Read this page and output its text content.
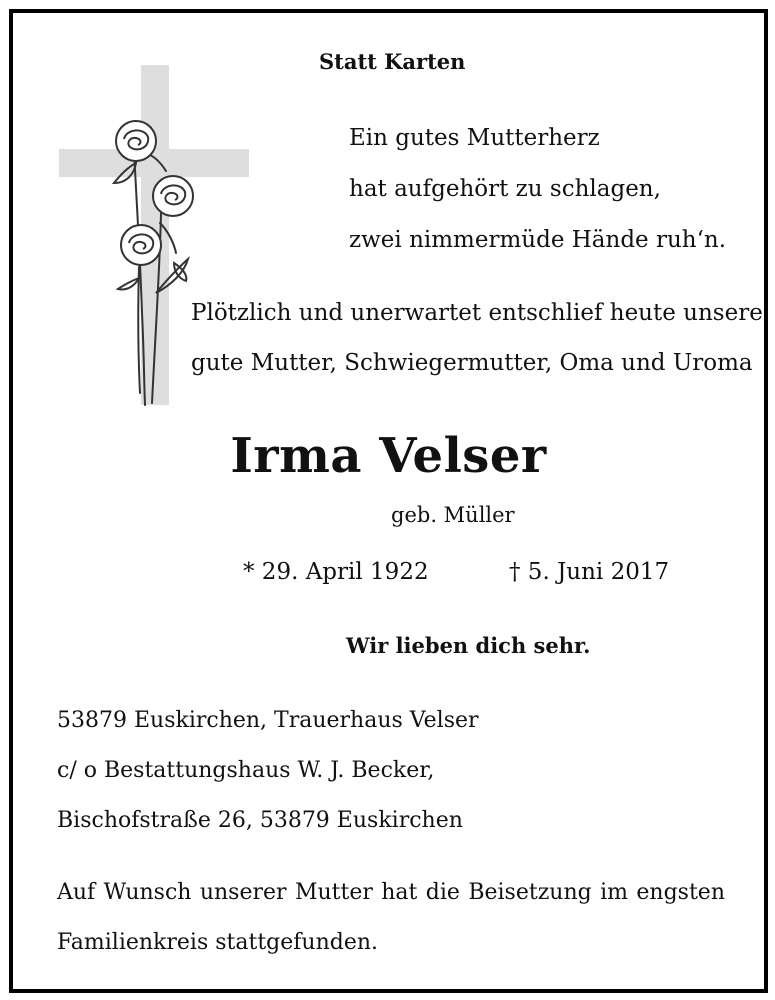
Statt Karten
Ein gutes Mutterherz
hat aufgehört zu schlagen,
zwei nimmermüde Hände ruh‘n.
Plötzlich und unerwartet entschlief heute unsere
gute Mutter, Schwiegermutter, Oma und Uroma
Irma Velser
geb. Müller
* 29. April 1922	† 5. Juni 2017
Wir lieben dich sehr.
53879 Euskirchen, Trauerhaus Velser
c/ o Bestattungshaus W. J. Becker,
Bischofstraße 26, 53879 Euskirchen
Auf Wunsch unserer Mutter hat die Beisetzung im engsten
Familienkreis stattgefunden.
